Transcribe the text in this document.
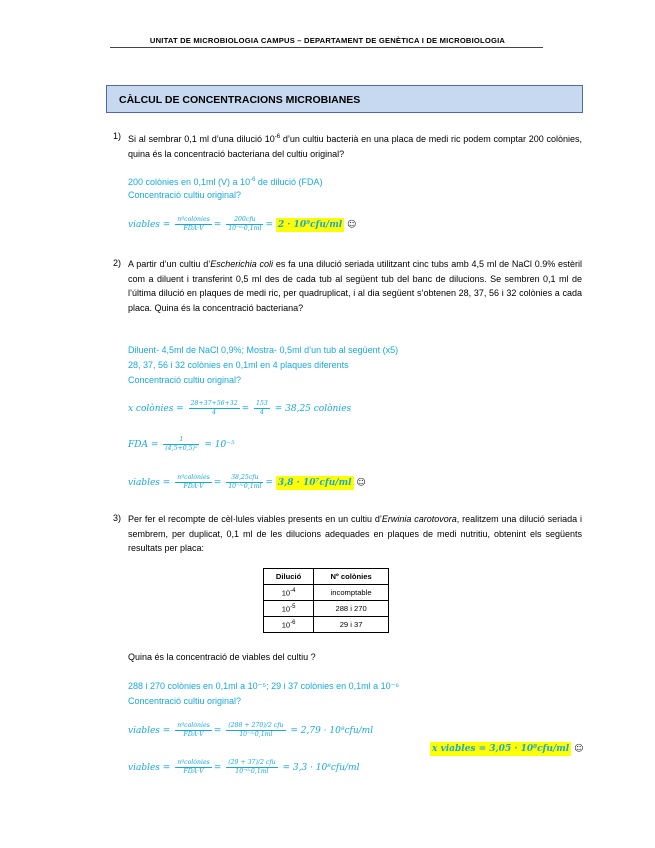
UNITAT DE MICROBIOLOGIA CAMPUS – DEPARTAMENT DE GENÈTICA I DE MICROBIOLOGIA
CÀLCUL DE CONCENTRACIONS MICROBIANES
1) Si al sembrar 0,1 ml d’una dilució $10^{-6}$ d’un cultiu bacterià en una placa de medi ric podem comptar 200 colònies, quina és la concentració bacteriana del cultiu original?
200 colònies en 0,1ml (V) a $10^{-6}$ de dilució (FDA)
Concentració cultiu original?
viables = $\frac{\text{nºcolònies}}{\text{FDA·V}} = \frac{\text{200cfu}}{\text{10⁻⁶·0,1ml}} = 2 \cdot 10^9cfu/ml$ ☺
2) A partir d’un cultiu d’Escherichia coli es fa una dilució seriada utilitzant cinc tubs amb 4,5 ml de NaCl 0.9% estèril com a diluent i transferint 0,5 ml des de cada tub al següent tub del banc de dilucions. Se sembren 0,1 ml de l’última dilució en plaques de medi ric, per quadruplicat, i al dia següent s’obtenen 28, 37, 56 i 32 colònies a cada placa. Quina és la concentració bacteriana?
Diluent- 4,5ml de NaCl 0,9%; Mostra- 0,5ml d’un tub al següent (x5)
28, 37, 56 i 32 colònies en 0,1ml en 4 plaques diferents
Concentració cultiu original?
x colònies = $\frac{28+37+56+32}{4} = \frac{153}{4} = 38,25$ colònies
FDA = $\frac{1}{\text{(4,5+0,5)⁵}} = 10^{-5}$
viables = $\frac{\text{nºcolònies}}{\text{FDA·V}} = \frac{\text{38,25cfu}}{\text{10⁻⁵·0,1ml}} = 3,8 \cdot 10^7cfu/ml$ ☺
3) Per fer el recompte de cèl·lules viables presents en un cultiu d’Erwinia carotovora, realitzem una dilució seriada i sembrem, per duplicat, 0,1 ml de les dilucions adequades en plaques de medi nutritiu, obtenint els següents resultats per placa:
Dilució	Nº colònies
$10^{-4}$	incomptable
$10^{-5}$	288 i 270
$10^{-6}$	29 i 37
Quina és la concentració de viables del cultiu ?
288 i 270 colònies en 0,1ml a 10⁻⁵; 29 i 37 colònies en 0,1ml a 10⁻⁶
Concentració cultiu original?
viables = $\frac{\text{nºcolònies}}{\text{FDA·V}} = \frac{\text{(288 + 270)/2 cfu}}{\text{10⁻⁵·0,1ml}} = 2,79 \cdot 10^8cfu/ml$
x viables = 3,05 · 10⁸cfu/ml ☺
viables = $\frac{\text{nºcolònies}}{\text{FDA·V}} = \frac{\text{(29 + 37)/2 cfu}}{\text{10⁻⁶·0,1ml}} = 3,3 \cdot 10^8cfu/ml$
